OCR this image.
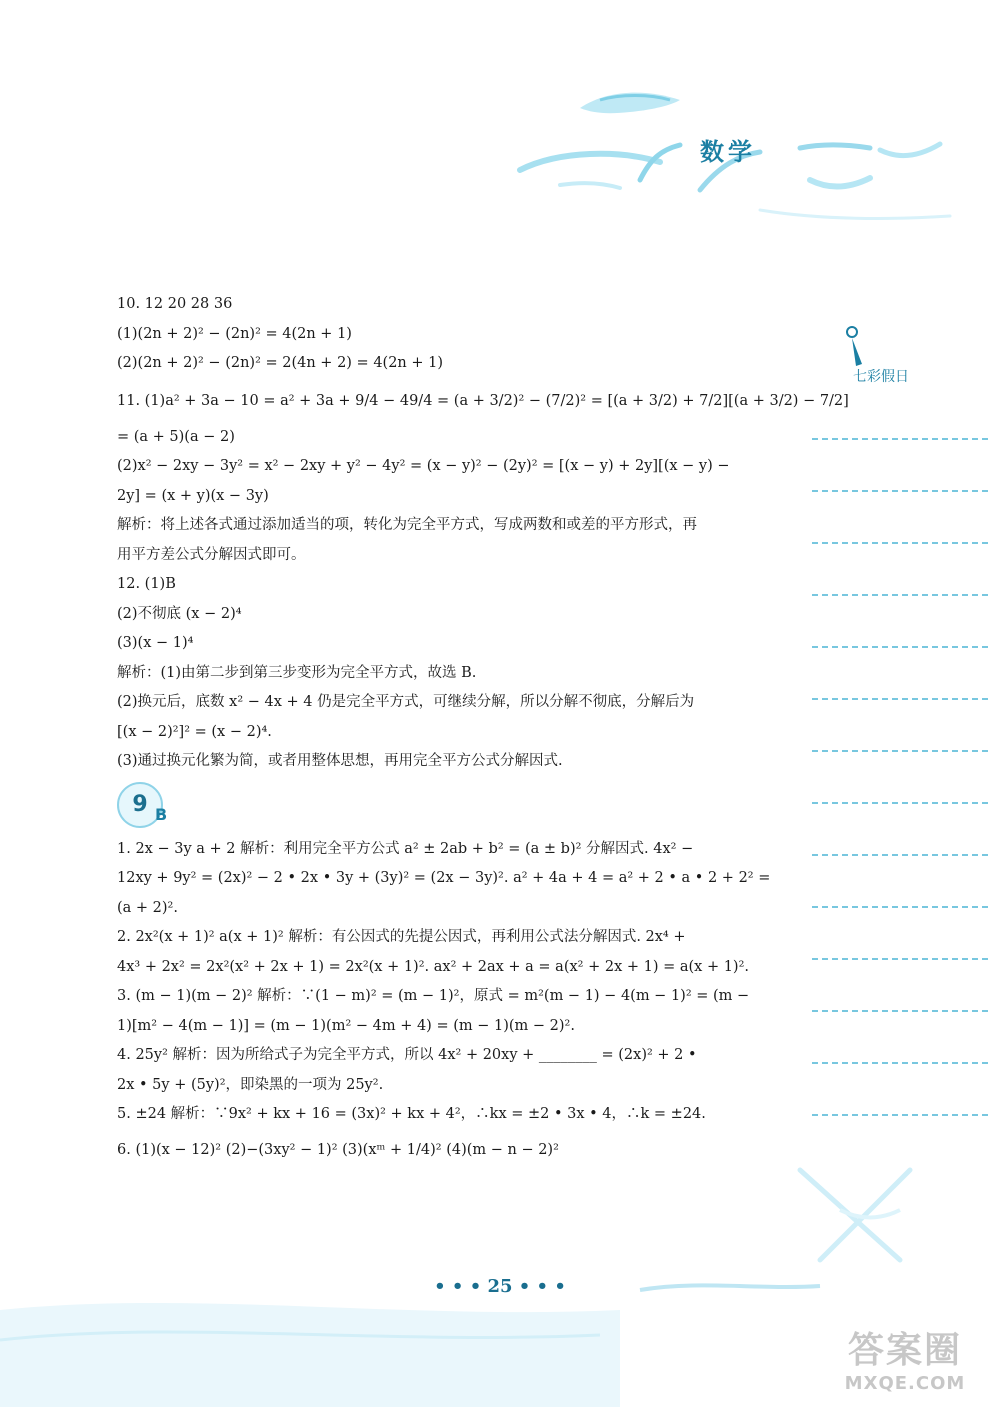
数学
七彩假日

10. 12 20 28 36

(1)(2n + 2)² − (2n)² = 4(2n + 1)

(2)(2n + 2)² − (2n)² = 2(4n + 2) = 4(2n + 1)

11. (1)a² + 3a − 10 = a² + 3a + 9/4 − 49/4 = (a + 3/2)² − (7/2)² = [(a + 3/2) + 7/2][(a + 3/2) − 7/2]

= (a + 5)(a − 2)

(2)x² − 2xy − 3y² = x² − 2xy + y² − 4y² = (x − y)² − (2y)² = [(x − y) + 2y][(x − y) −

2y] = (x + y)(x − 3y)

解析：将上述各式通过添加适当的项，转化为完全平方式，写成两数和或差的平方形式，再

用平方差公式分解因式即可。

12. (1)B

(2)不彻底 (x − 2)⁴

(3)(x − 1)⁴

解析：(1)由第二步到第三步变形为完全平方式，故选 B.

(2)换元后，底数 x² − 4x + 4 仍是完全平方式，可继续分解，所以分解不彻底，分解后为

[(x − 2)²]² = (x − 2)⁴.

(3)通过换元化繁为简，或者用整体思想，再用完全平方公式分解因式.

9 B

1. 2x − 3y a + 2 解析：利用完全平方公式 a² ± 2ab + b² = (a ± b)² 分解因式. 4x² −

12xy + 9y² = (2x)² − 2 • 2x • 3y + (3y)² = (2x − 3y)². a² + 4a + 4 = a² + 2 • a • 2 + 2² =

(a + 2)².

2. 2x²(x + 1)² a(x + 1)² 解析：有公因式的先提公因式，再利用公式法分解因式. 2x⁴ +

4x³ + 2x² = 2x²(x² + 2x + 1) = 2x²(x + 1)². ax² + 2ax + a = a(x² + 2x + 1) = a(x + 1)².

3. (m − 1)(m − 2)² 解析：∵(1 − m)² = (m − 1)²，原式 = m²(m − 1) − 4(m − 1)² = (m −

1)[m² − 4(m − 1)] = (m − 1)(m² − 4m + 4) = (m − 1)(m − 2)².

4. 25y² 解析：因为所给式子为完全平方式，所以 4x² + 20xy + ________ = (2x)² + 2 •

2x • 5y + (5y)²，即染黑的一项为 25y².

5. ±24 解析：∵9x² + kx + 16 = (3x)² + kx + 4²，∴kx = ±2 • 3x • 4，∴k = ±24.

6. (1)(x − 12)² (2)−(3xy² − 1)² (3)(xᵐ + 1/4)² (4)(m − n − 2)²

• • • 25 • • •
答案圈
MXQE.COM
